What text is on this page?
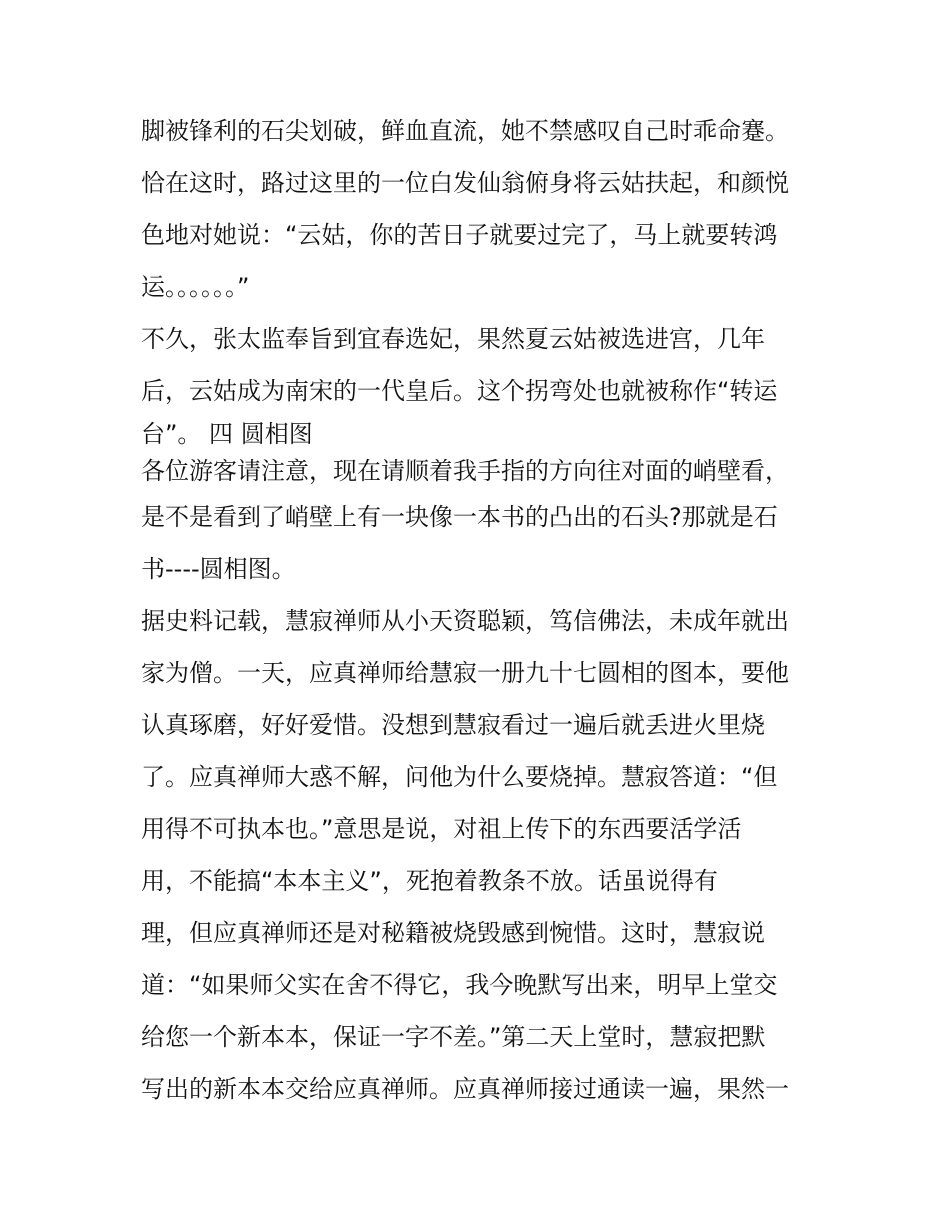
脚被锋利的石尖划破，鲜血直流，她不禁感叹自己时乖命蹇。
恰在这时，路过这里的一位白发仙翁俯身将云姑扶起，和颜悦
色地对她说：“云姑，你的苦日子就要过完了，马上就要转鸿
运。。。。。。”
不久，张太监奉旨到宜春选妃，果然夏云姑被选进宫，几年
后，云姑成为南宋的一代皇后。这个拐弯处也就被称作“转运
台”。 四 圆相图
各位游客请注意，现在请顺着我手指的方向往对面的峭壁看，
是不是看到了峭壁上有一块像一本书的凸出的石头?那就是石
书----圆相图。
据史料记载，慧寂禅师从小天资聪颖，笃信佛法，未成年就出
家为僧。一天，应真禅师给慧寂一册九十七圆相的图本，要他
认真琢磨，好好爱惜。没想到慧寂看过一遍后就丢进火里烧
了。应真禅师大惑不解，问他为什么要烧掉。慧寂答道：“但
用得不可执本也。”意思是说，对祖上传下的东西要活学活
用，不能搞“本本主义”，死抱着教条不放。话虽说得有
理，但应真禅师还是对秘籍被烧毁感到惋惜。这时，慧寂说
道：“如果师父实在舍不得它，我今晚默写出来，明早上堂交
给您一个新本本，保证一字不差。”第二天上堂时，慧寂把默
写出的新本本交给应真禅师。应真禅师接过通读一遍，果然一
